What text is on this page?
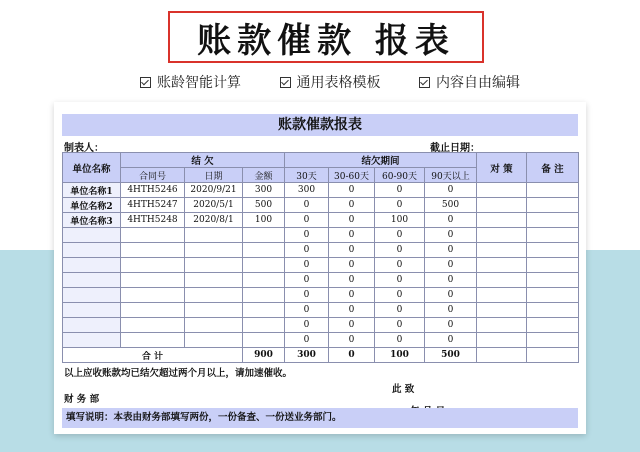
账款催款 报表
账龄智能计算	通用表格模板	内容自由编辑
账款催款报表
制表人：	截止日期：
单位名称	结 欠			结欠期间				对 策	备 注
	合同号	日期	金额	30天	30-60天	60-90天	90天以上		
单位名称1	4HTH5246	2020/9/21	300	300	0	0	0		
单位名称2	4HTH5247	2020/5/1	500	0	0	0	500		
单位名称3	4HTH5248	2020/8/1	100	0	0	100	0		
				0	0	0	0		
				0	0	0	0		
				0	0	0	0		
				0	0	0	0		
				0	0	0	0		
				0	0	0	0		
				0	0	0	0		
				0	0	0	0		
合 计			900	300	0	100	500		
以上应收账款均已结欠超过两个月以上，请加速催收。
此 致
财 务 部
填写说明：本表由财务部填写两份，一份备查、一份送业务部门。
